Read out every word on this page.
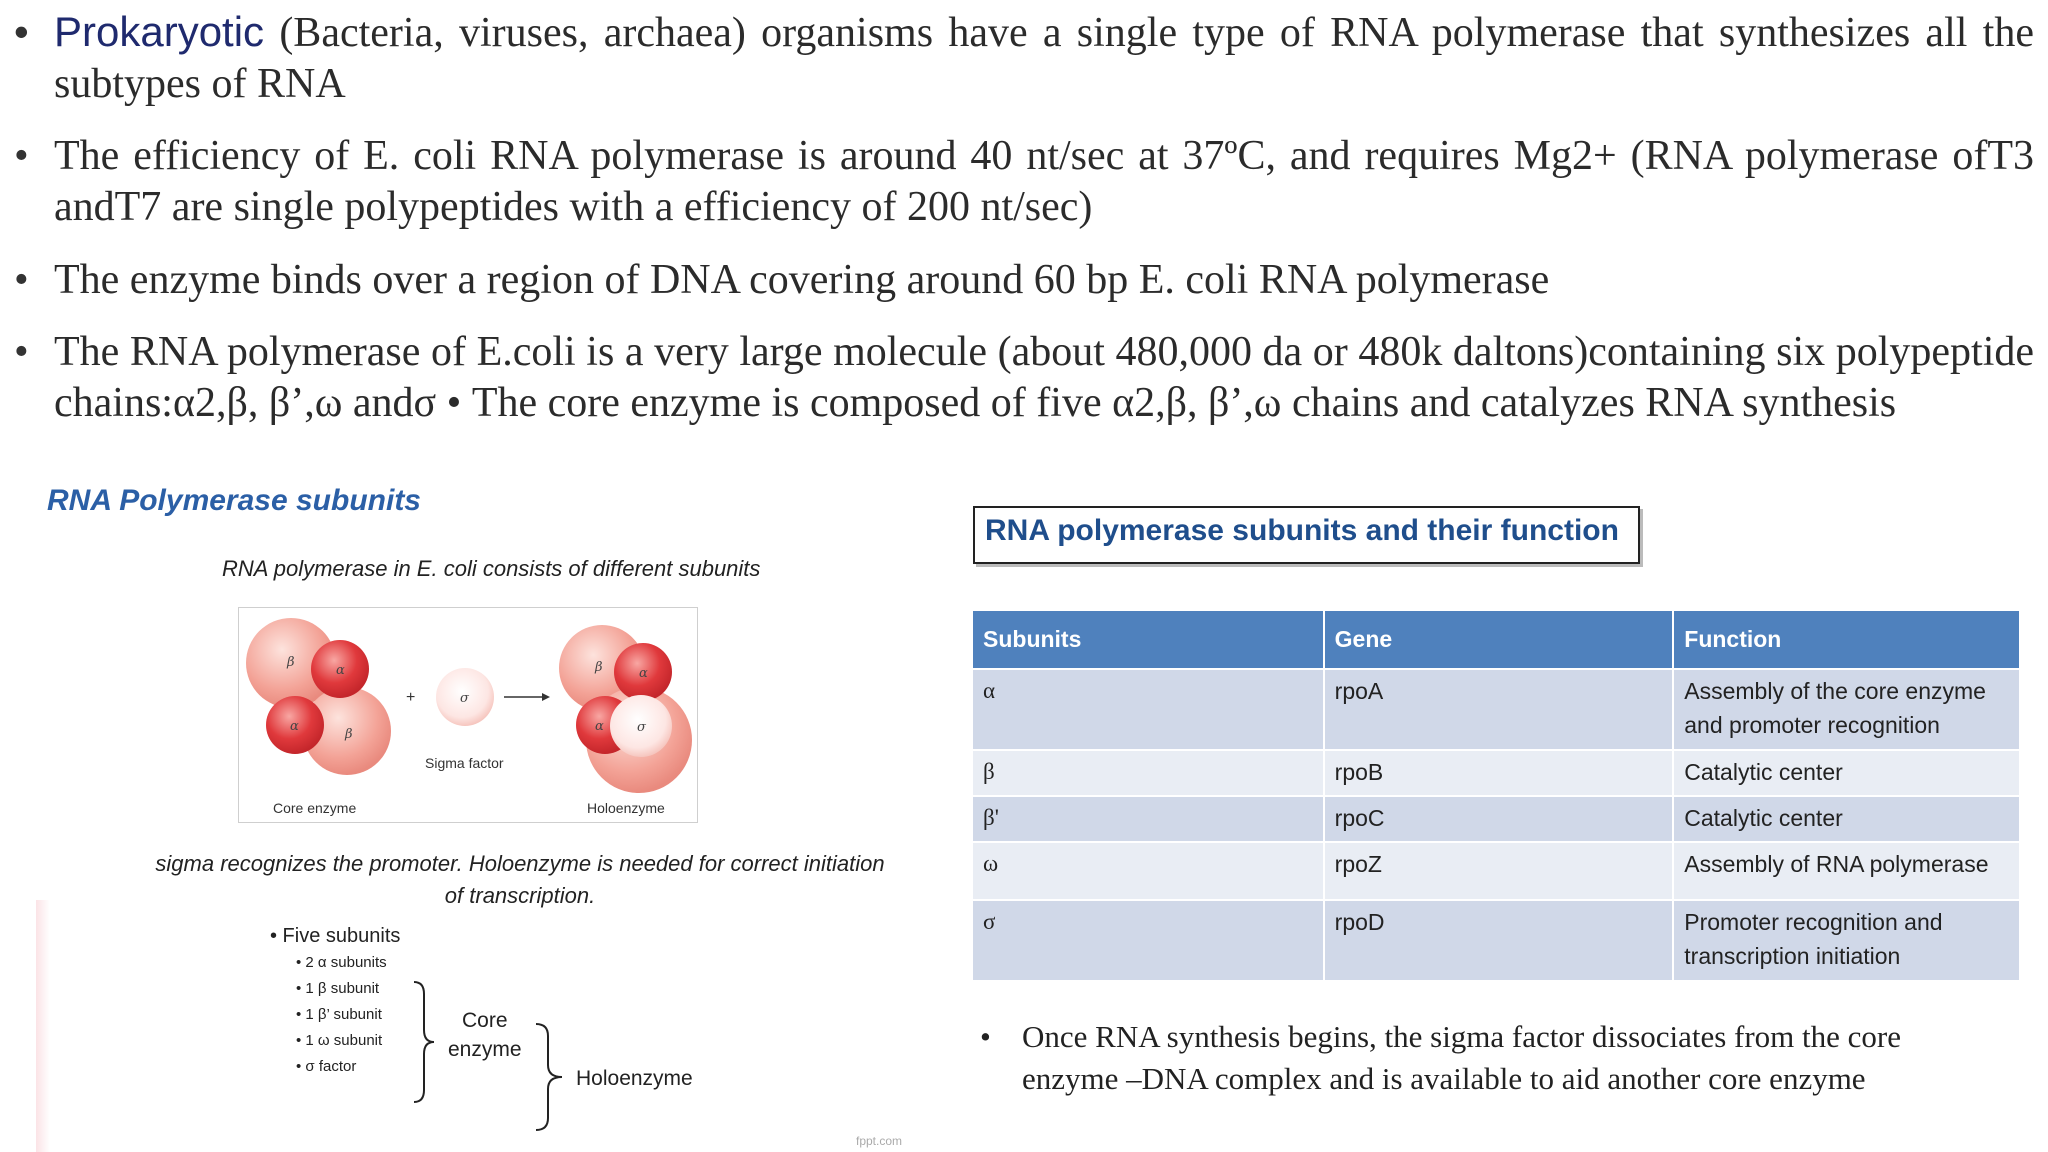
• Prokaryotic (Bacteria, viruses, archaea) organisms have a single type of RNA polymerase that synthesizes all the subtypes of RNA
• The efficiency of E. coli RNA polymerase is around 40 nt/sec at 37ºC, and requires Mg2+ (RNA polymerase ofT3 andT7 are single polypeptides with a efficiency of 200 nt/sec)
• The enzyme binds over a region of DNA covering around 60 bp E. coli RNA polymerase
• The RNA polymerase of E.coli is a very large molecule (about 480,000 da or 480k daltons)containing six polypeptide chains:α2,β, β’,ω andσ • The core enzyme is composed of five α2,β, β’,ω chains and catalyzes RNA synthesis
RNA Polymerase subunits
RNA polymerase in E. coli consists of different subunits
β
α
α
β
Core enzyme
+	σ
Sigma factor
β	α
α	σ
Holoenzyme
sigma recognizes the promoter. Holoenzyme is needed for correct initiation of transcription.
• Five subunits
• 2 α subunits
• 1 β subunit
• 1 β’ subunit
• 1 ω subunit
• σ factor
Core
enzyme
Holoenzyme
fppt.com
RNA polymerase subunits and their function
Subunits	Gene	Function
α	rpoA	Assembly of the core enzyme and promoter recognition
β	rpoB	Catalytic center
β'	rpoC	Catalytic center
ω	rpoZ	Assembly of RNA polymerase
σ	rpoD	Promoter recognition and transcription initiation
• Once RNA synthesis begins, the sigma factor dissociates from the core enzyme –DNA complex and is available to aid another core enzyme
